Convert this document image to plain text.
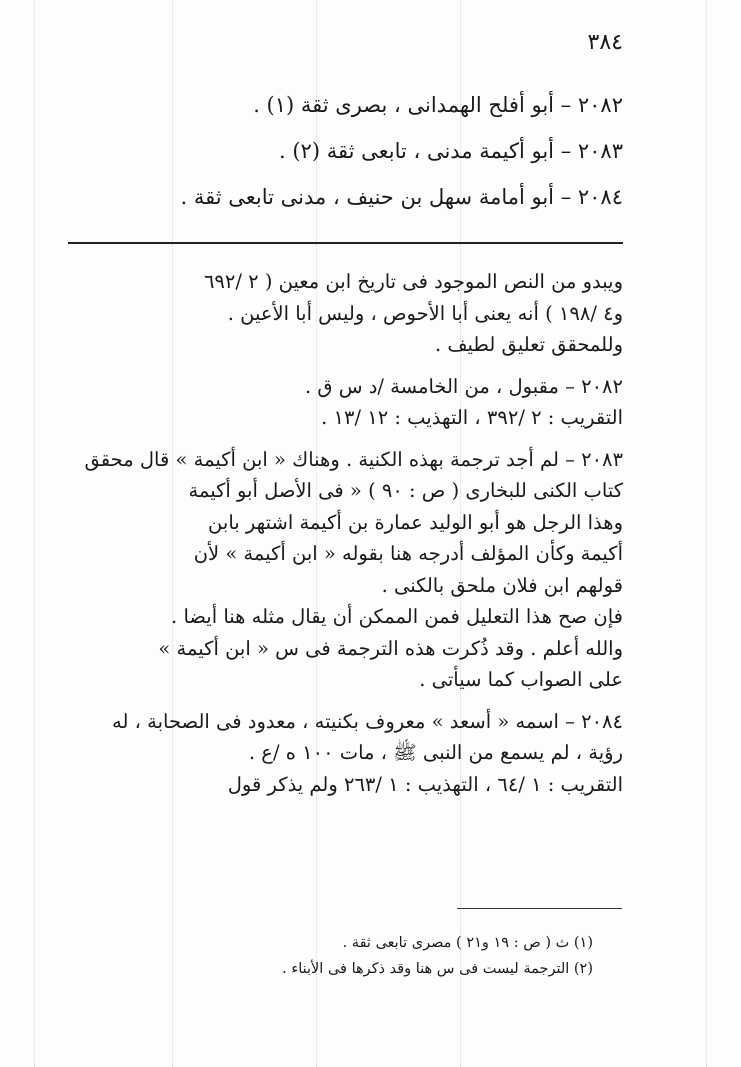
٣٨٤
٢٠٨٢ – أبو أفلح الهمدانى ، بصرى ثقة (١) .
٢٠٨٣ – أبو أكيمة مدنى ، تابعى ثقة (٢) .
٢٠٨٤ – أبو أمامة سهل بن حنيف ، مدنى تابعى ثقة .

ويبدو من النص الموجود فى تاريخ ابن معين ( ٢ /٦٩٢

و٤ /١٩٨ ) أنه يعنى أبا الأحوص ، وليس أبا الأعين .

وللمحقق تعليق لطيف .

٢٠٨٢ – مقبول ، من الخامسة /د س ق .

التقريب : ٢ /٣٩٢ ، التهذيب : ١٢ /١٣ .

٢٠٨٣ – لم أجد ترجمة بهذه الكنية . وهناك « ابن أكيمة » قال محقق

كتاب الكنى للبخارى ( ص : ٩٠ ) « فى الأصل أبو أكيمة

وهذا الرجل هو أبو الوليد عمارة بن أكيمة اشتهر بابن

أكيمة وكأن المؤلف أدرجه هنا بقوله « ابن أكيمة » لأن

قولهم ابن فلان ملحق بالكنى .

فإن صح هذا التعليل فمن الممكن أن يقال مثله هنا أيضا .

والله أعلم . وقد ذُكرت هذه الترجمة فى س « ابن أكيمة »

على الصواب كما سيأتى .

٢٠٨٤ – اسمه « أسعد » معروف بكنيته ، معدود فى الصحابة ، له

رؤية ، لم يسمع من النبى ﷺ ، مات ١٠٠ ه /ع .

التقريب : ١ /٦٤ ، التهذيب : ١ /٢٦٣ ولم يذكر قول

(١) ث ( ص : ١٩ و٢١ ) مصرى تابعى ثقة .

(٢) الترجمة ليست فى س هنا وقد ذكرها فى الأبناء .
